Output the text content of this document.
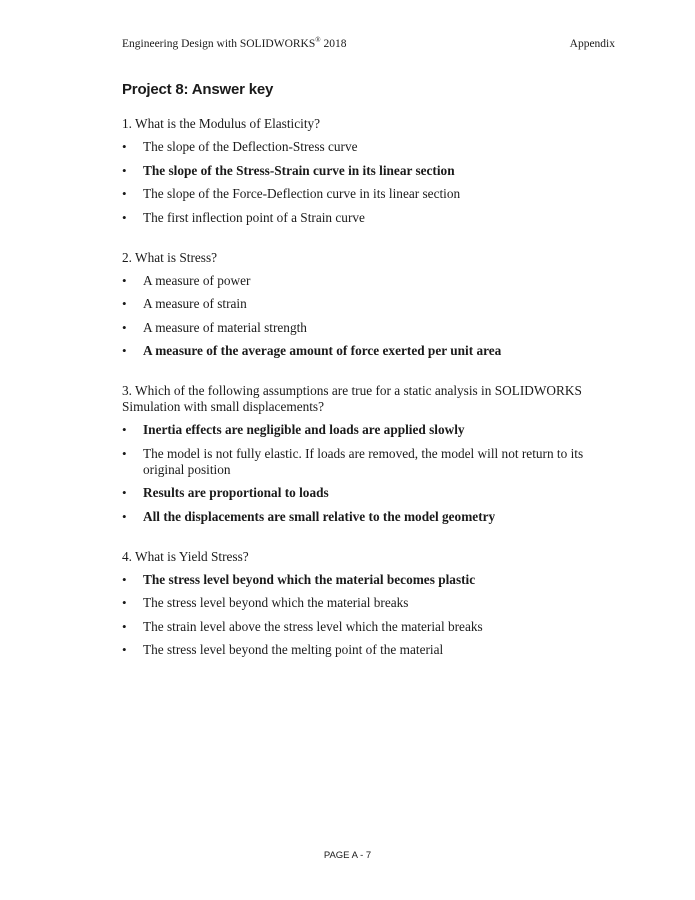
Engineering Design with SOLIDWORKS® 2018	Appendix
Project 8: Answer key

1. What is the Modulus of Elasticity?

• The slope of the Deflection-Stress curve
• The slope of the Stress-Strain curve in its linear section
• The slope of the Force-Deflection curve in its linear section
• The first inflection point of a Strain curve

2. What is Stress?

• A measure of power
• A measure of strain
• A measure of material strength
• A measure of the average amount of force exerted per unit area

3. Which of the following assumptions are true for a static analysis in SOLIDWORKS Simulation with small displacements?

• Inertia effects are negligible and loads are applied slowly
• The model is not fully elastic. If loads are removed, the model will not return to its original position
• Results are proportional to loads
• All the displacements are small relative to the model geometry

4. What is Yield Stress?

• The stress level beyond which the material becomes plastic
• The stress level beyond which the material breaks
• The strain level above the stress level which the material breaks
• The stress level beyond the melting point of the material
PAGE A - 7
